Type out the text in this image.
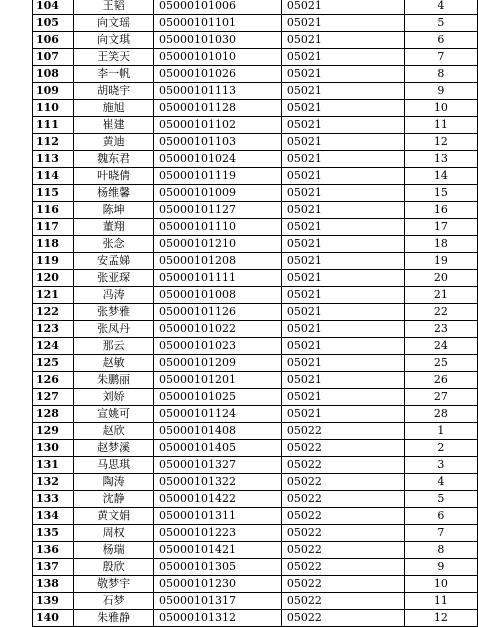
104	王韬	05000101006	05021	4
105	向文瑶	05000101101	05021	5
106	向文琪	05000101030	05021	6
107	王笑天	05000101010	05021	7
108	李一帆	05000101026	05021	8
109	胡晓宇	05000101113	05021	9
110	施旭	05000101128	05021	10
111	崔建	05000101102	05021	11
112	黄迪	05000101103	05021	12
113	魏东君	05000101024	05021	13
114	叶晓倩	05000101119	05021	14
115	杨维馨	05000101009	05021	15
116	陈坤	05000101127	05021	16
117	董翔	05000101110	05021	17
118	张念	05000101210	05021	18
119	安孟娣	05000101208	05021	19
120	张亚琛	05000101111	05021	20
121	冯涛	05000101008	05021	21
122	张梦雅	05000101126	05021	22
123	张凤丹	05000101022	05021	23
124	那云	05000101023	05021	24
125	赵敏	05000101209	05021	25
126	朱鹏丽	05000101201	05021	26
127	刘娇	05000101025	05021	27
128	宣姚可	05000101124	05021	28
129	赵欣	05000101408	05022	1
130	赵梦溪	05000101405	05022	2
131	马思琪	05000101327	05022	3
132	陶涛	05000101322	05022	4
133	沈静	05000101422	05022	5
134	黄文娟	05000101311	05022	6
135	周权	05000101223	05022	7
136	杨瑞	05000101421	05022	8
137	殷欣	05000101305	05022	9
138	敬梦宇	05000101230	05022	10
139	石梦	05000101317	05022	11
140	朱雅静	05000101312	05022	12
